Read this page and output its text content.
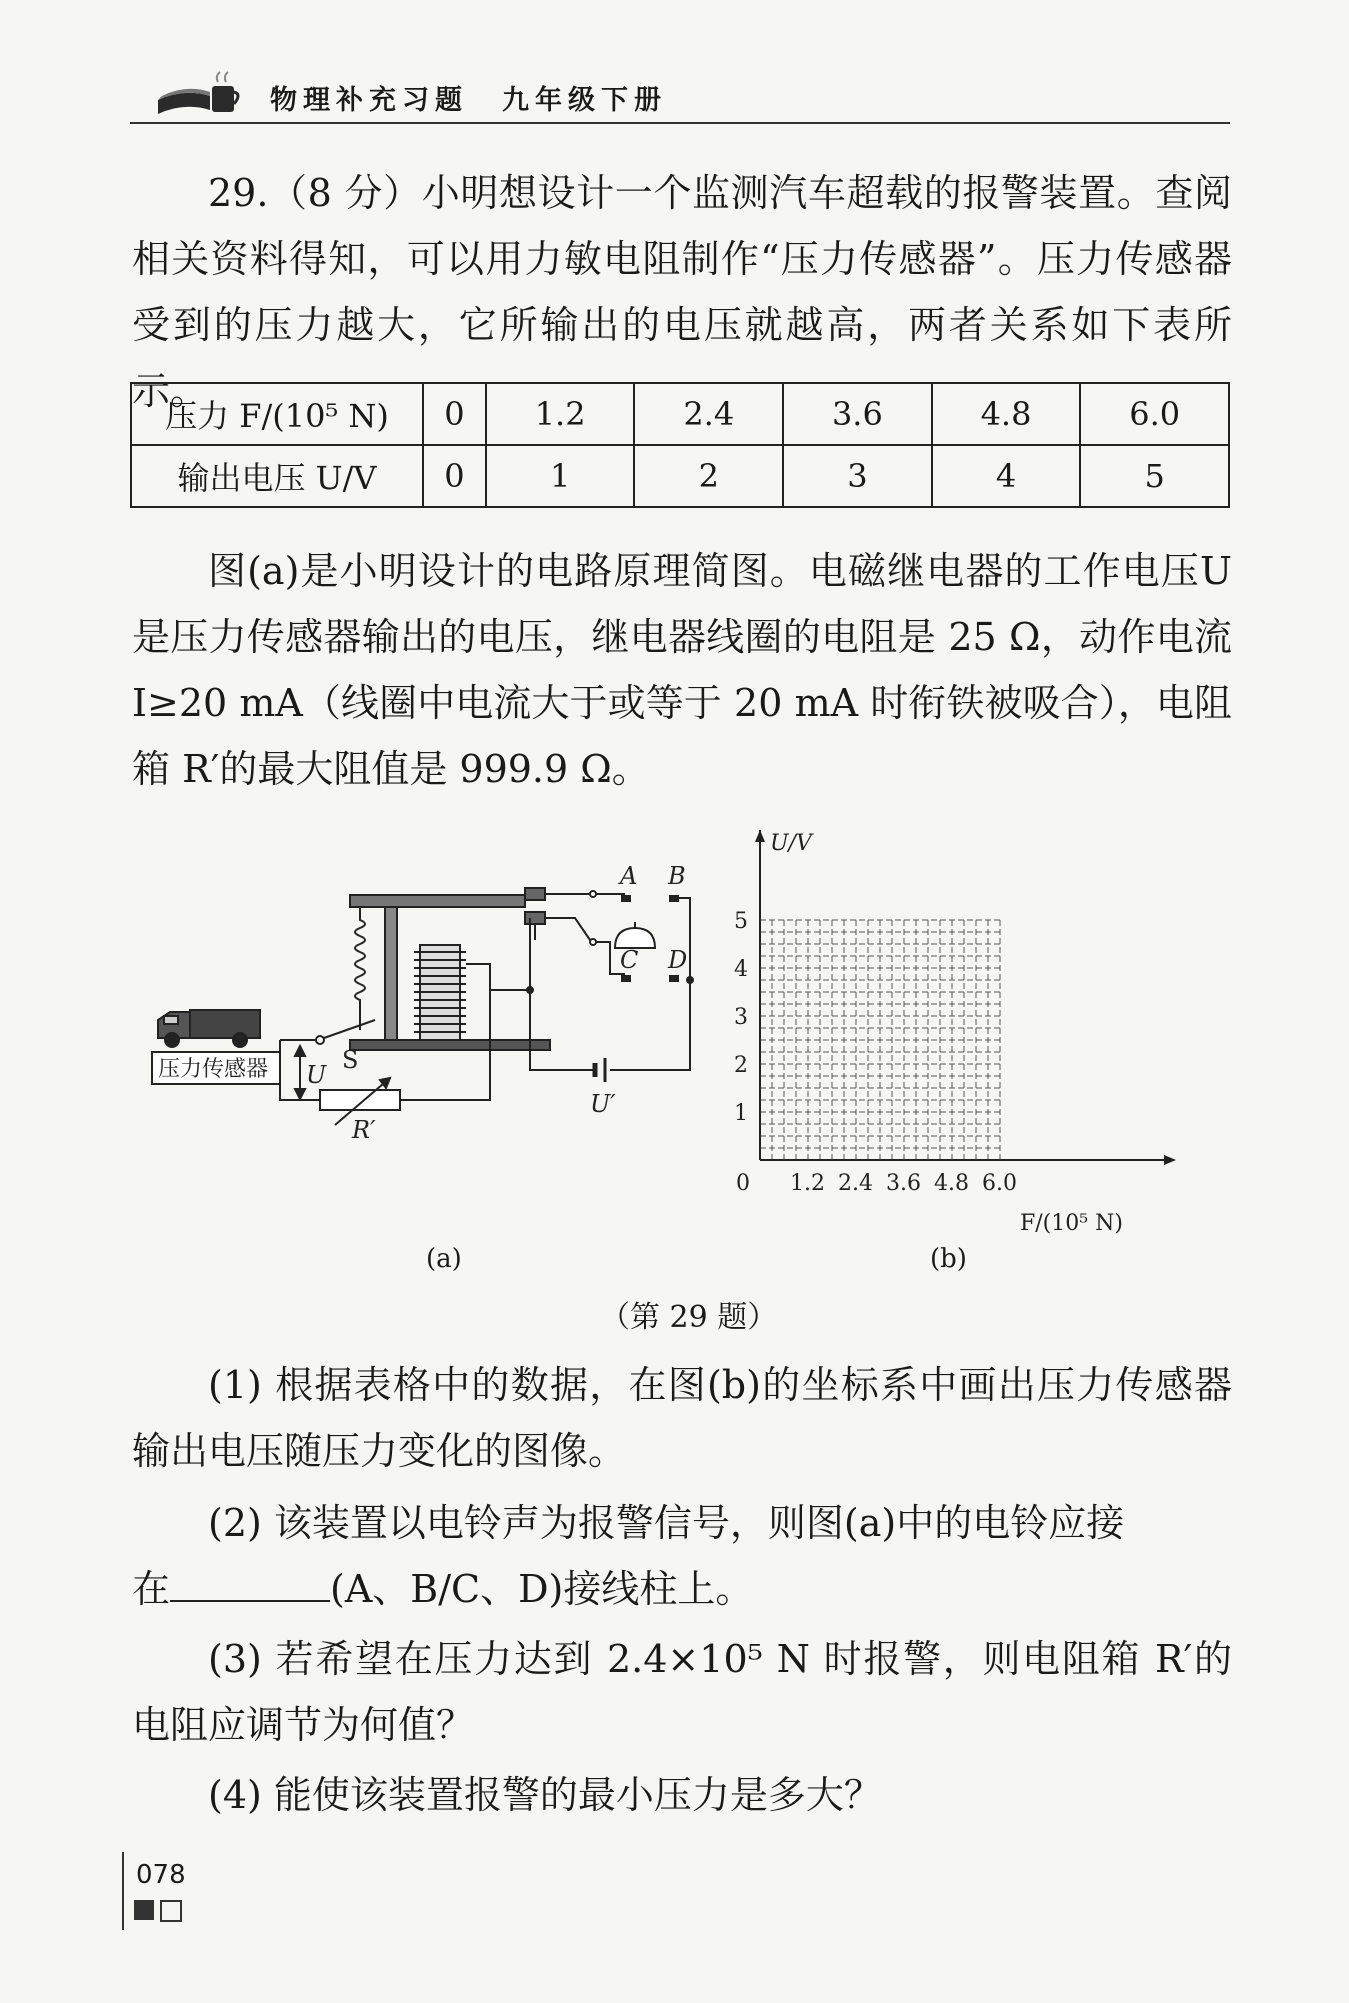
物理补充习题 九年级下册

29.（8 分）小明想设计一个监测汽车超载的报警装置。查阅相关资料得知，可以用力敏电阻制作“压力传感器”。压力传感器受到的压力越大，它所输出的电压就越高，两者关系如下表所示。

压力 F/(10⁵ N)	0	1.2	2.4	3.6	4.8	6.0
输出电压 U/V	0	1	2	3	4	5

图(a)是小明设计的电路原理简图。电磁继电器的工作电压U 是压力传感器输出的电压，继电器线圈的电阻是 25 Ω，动作电流 I≥20 mA（线圈中电流大于或等于 20 mA 时衔铁被吸合），电阻箱 R′的最大阻值是 999.9 Ω。

压力传感器 U
S
R′
U′
A B
C D
(a)
U/V
F/(10⁵ N)
1
2
3
4
5
0 1.2 2.4 3.6 4.8 6.0
(b)
（第 29 题）

(1) 根据表格中的数据，在图(b)的坐标系中画出压力传感器输出电压随压力变化的图像。

(2) 该装置以电铃声为报警信号，则图(a)中的电铃应接

在	(A、B/C、D)接线柱上。

(3) 若希望在压力达到 2.4×10⁵ N 时报警，则电阻箱 R′的电阻应调节为何值？

(4) 能使该装置报警的最小压力是多大？

078
